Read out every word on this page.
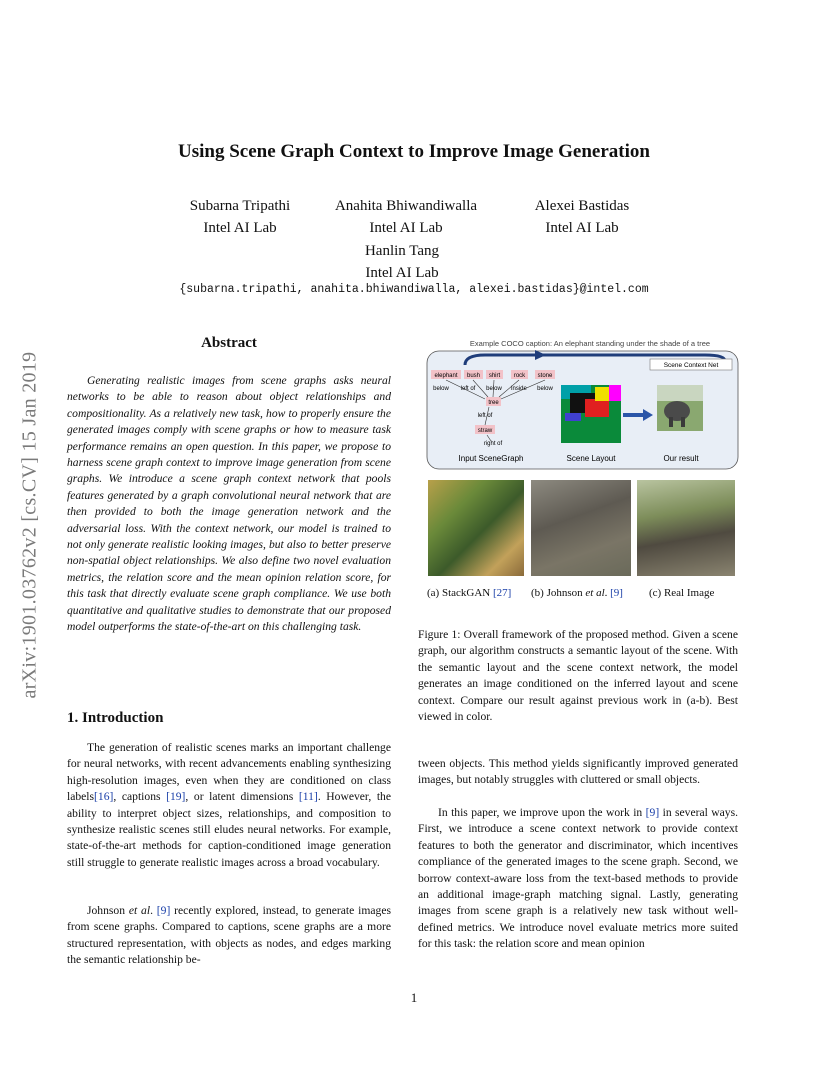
arXiv:1901.03762v2 [cs.CV] 15 Jan 2019
Using Scene Graph Context to Improve Image Generation
Subarna Tripathi
Intel AI Lab
Anahita Bhiwandiwalla
Intel AI Lab
Alexei Bastidas
Intel AI Lab
Hanlin Tang
Intel AI Lab
{subarna.tripathi, anahita.bhiwandiwalla, alexei.bastidas}@intel.com
Abstract

Generating realistic images from scene graphs asks neural networks to be able to reason about object relationships and compositionality. As a relatively new task, how to properly ensure the generated images comply with scene graphs or how to measure task performance remains an open question. In this paper, we propose to harness scene graph context to improve image generation from scene graphs. We introduce a scene graph context network that pools features generated by a graph convolutional neural network that are then provided to both the image generation network and the adversarial loss. With the context network, our model is trained to not only generate realistic looking images, but also to better preserve non-spatial object relationships. We also define two novel evaluation metrics, the relation score and the mean opinion relation score, for this task that directly evaluate scene graph compliance. We use both quantitative and qualitative studies to demonstrate that our proposed model outperforms the state-of-the-art on this challenging task.

1. Introduction

The generation of realistic scenes marks an important challenge for neural networks, with recent advancements enabling synthesizing high-resolution images, even when they are conditioned on class labels[16], captions [19], or latent dimensions [11]. However, the ability to interpret object sizes, relationships, and composition to synthesize realistic scenes still eludes neural networks. For example, state-of-the-art methods for caption-conditioned image generation still struggle to generate realistic images across a broad vocabulary.

Johnson et al. [9] recently explored, instead, to generate images from scene graphs. Compared to captions, scene graphs are a more structured representation, with objects as nodes, and edges marking the semantic relationship be-

Example COCO caption: An elephant standing under the shade of a tree
Scene Context Net
elephant bush shirt rock stone
below left of below inside below
tree
left of
straw
right of
Input SceneGraph	Scene Layout	Our result
(a) StackGAN [27] (b) Johnson et al. [9] (c) Real Image

Figure 1: Overall framework of the proposed method. Given a scene graph, our algorithm constructs a semantic layout of the scene. With the semantic layout and the scene context network, the model generates an image conditioned on the inferred layout and scene context. Compare our result against previous work in (a-b). Best viewed in color.

tween objects. This method yields significantly improved generated images, but notably struggles with cluttered or small objects.

In this paper, we improve upon the work in [9] in several ways. First, we introduce a scene context network to provide context features to both the generator and discriminator, which incentives compliance of the generated images to the scene graph. Second, we borrow context-aware loss from the text-based methods to provide an additional image-graph matching signal. Lastly, generating images from scene graph is a relatively new task without well-defined metrics. We introduce novel evaluate metrics more suited for this task: the relation score and mean opinion

1
